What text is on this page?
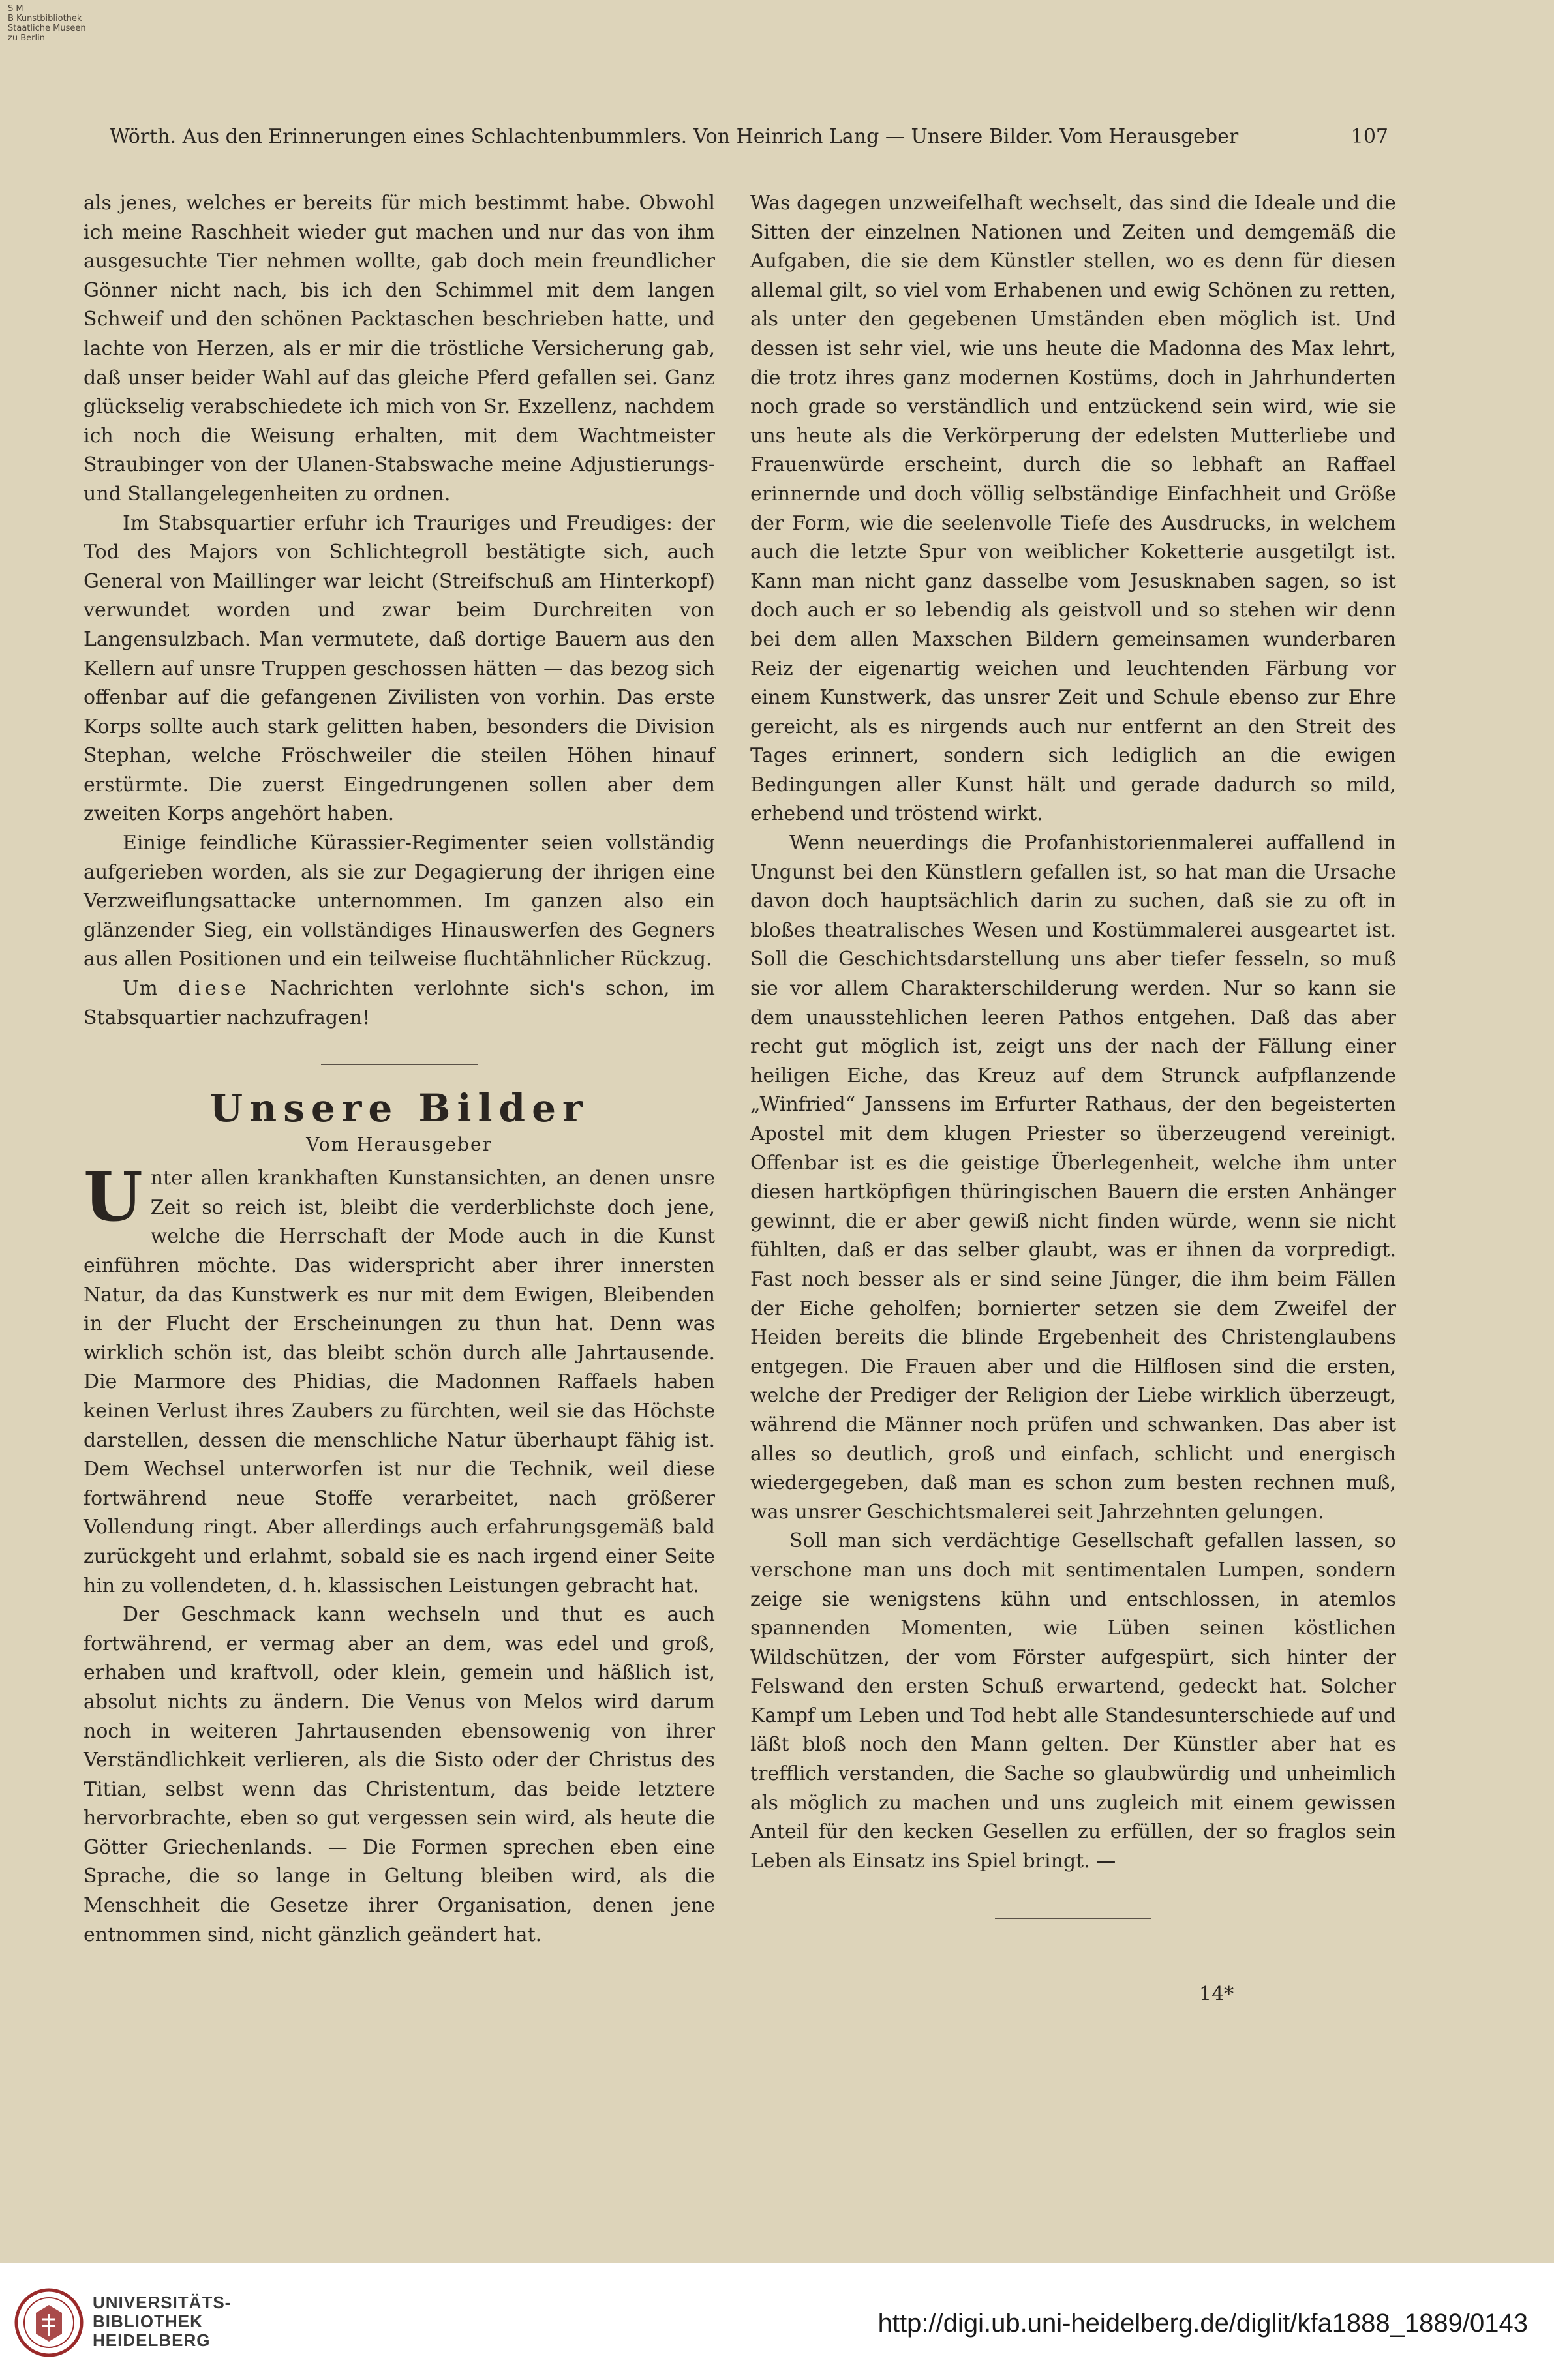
S M
B Kunstbibliothek
Staatliche Museen
zu Berlin
Wörth. Aus den Erinnerungen eines Schlachtenbummlers. Von Heinrich Lang— Unsere Bilder. Vom Herausgeber	107

als jenes, welches er bereits für mich bestimmt habe. Obwohl ich meine Raschheit wieder gut machen und nur das von ihm ausgesuchte Tier nehmen wollte, gab doch mein freundlicher Gönner nicht nach, bis ich den Schimmel mit dem langen Schweif und den schönen Packtaschen beschrieben hatte, und lachte von Herzen, als er mir die tröstliche Versicherung gab, daß unser beider Wahl auf das gleiche Pferd gefallen sei. Ganz glückselig verabschiedete ich mich von Sr. Exzellenz, nachdem ich noch die Weisung erhalten, mit dem Wachtmeister Straubinger von der Ulanen-Stabswache meine Adjustierungs- und Stallangelegenheiten zu ordnen.

Im Stabsquartier erfuhr ich Trauriges und Freudiges: der Tod des Majors von Schlichtegroll bestätigte sich, auch General von Maillinger war leicht (Streifschuß am Hinterkopf) verwundet worden und zwar beim Durchreiten von Langensulzbach. Man vermutete, daß dortige Bauern aus den Kellern auf unsre Truppen geschossen hätten — das bezog sich offenbar auf die gefangenen Zivilisten von vorhin. Das erste Korps sollte auch stark gelitten haben, besonders die Division Stephan, welche Fröschweiler die steilen Höhen hinauf erstürmte. Die zuerst Eingedrungenen sollen aber dem zweiten Korps angehört haben.

Einige feindliche Kürassier-Regimenter seien vollständig aufgerieben worden, als sie zur Degagierung der ihrigen eine Verzweiflungsattacke unternommen. Im ganzen also ein glänzender Sieg, ein vollständiges Hinauswerfen des Gegners aus allen Positionen und ein teilweise fluchtähnlicher Rückzug.

Um diese Nachrichten verlohnte sich's schon, im Stabsquartier nachzufragen!

Unsere Bilder
Vom Herausgeber

Unter allen krankhaften Kunstansichten, an denen unsre Zeit so reich ist, bleibt die verderblichste doch jene, welche die Herrschaft der Mode auch in die Kunst einführen möchte. Das widerspricht aber ihrer innersten Natur, da das Kunstwerk es nur mit dem Ewigen, Bleibenden in der Flucht der Erscheinungen zu thun hat. Denn was wirklich schön ist, das bleibt schön durch alle Jahrtausende. Die Marmore des Phidias, die Madonnen Raffaels haben keinen Verlust ihres Zaubers zu fürchten, weil sie das Höchste darstellen, dessen die menschliche Natur überhaupt fähig ist. Dem Wechsel unterworfen ist nur die Technik, weil diese fortwährend neue Stoffe verarbeitet, nach größerer Vollendung ringt. Aber allerdings auch erfahrungsgemäß bald zurückgeht und erlahmt, sobald sie es nach irgend einer Seite hin zu vollendeten, d. h. klassischen Leistungen gebracht hat.

Der Geschmack kann wechseln und thut es auch fortwährend, er vermag aber an dem, was edel und groß, erhaben und kraftvoll, oder klein, gemein und häßlich ist, absolut nichts zu ändern. Die Venus von Melos wird darum noch in weiteren Jahrtausenden ebensowenig von ihrer Verständlichkeit verlieren, als die Sisto oder der Christus des Titian, selbst wenn das Christentum, das beide letztere hervorbrachte, eben so gut vergessen sein wird, als heute die Götter Griechenlands. — Die Formen sprechen eben eine Sprache, die so lange in Geltung bleiben wird, als die Menschheit die Gesetze ihrer Organisation, denen jene entnommen sind, nicht gänzlich geändert hat.

Was dagegen unzweifelhaft wechselt, das sind die Ideale und die Sitten der einzelnen Nationen und Zeiten und demgemäß die Aufgaben, die sie dem Künstler stellen, wo es denn für diesen allemal gilt, so viel vom Erhabenen und ewig Schönen zu retten, als unter den gegebenen Umständen eben möglich ist. Und dessen ist sehr viel, wie uns heute die Madonna des Max lehrt, die trotz ihres ganz modernen Kostüms, doch in Jahrhunderten noch grade so verständlich und entzückend sein wird, wie sie uns heute als die Verkörperung der edelsten Mutterliebe und Frauenwürde erscheint, durch die so lebhaft an Raffael erinnernde und doch völlig selbständige Einfachheit und Größe der Form, wie die seelenvolle Tiefe des Ausdrucks, in welchem auch die letzte Spur von weiblicher Koketterie ausgetilgt ist. Kann man nicht ganz dasselbe vom Jesusknaben sagen, so ist doch auch er so lebendig als geistvoll und so stehen wir denn bei dem allen Maxschen Bildern gemeinsamen wunderbaren Reiz der eigenartig weichen und leuchtenden Färbung vor einem Kunstwerk, das unsrer Zeit und Schule ebenso zur Ehre gereicht, als es nirgends auch nur entfernt an den Streit des Tages erinnert, sondern sich lediglich an die ewigen Bedingungen aller Kunst hält und gerade dadurch so mild, erhebend und tröstend wirkt.

Wenn neuerdings die Profanhistorienmalerei auffallend in Ungunst bei den Künstlern gefallen ist, so hat man die Ursache davon doch hauptsächlich darin zu suchen, daß sie zu oft in bloßes theatralisches Wesen und Kostümmalerei ausgeartet ist. Soll die Geschichtsdarstellung uns aber tiefer fesseln, so muß sie vor allem Charakterschilderung werden. Nur so kann sie dem unausstehlichen leeren Pathos entgehen. Daß das aber recht gut möglich ist, zeigt uns der nach der Fällung einer heiligen Eiche, das Kreuz auf dem Strunck aufpflanzende „Winfried“ Janssens im Erfurter Rathaus, der den begeisterten Apostel mit dem klugen Priester so überzeugend vereinigt. Offenbar ist es die geistige Überlegenheit, welche ihm unter diesen hartköpfigen thüringischen Bauern die ersten Anhänger gewinnt, die er aber gewiß nicht finden würde, wenn sie nicht fühlten, daß er das selber glaubt, was er ihnen da vorpredigt. Fast noch besser als er sind seine Jünger, die ihm beim Fällen der Eiche geholfen; bornierter setzen sie dem Zweifel der Heiden bereits die blinde Ergebenheit des Christenglaubens entgegen. Die Frauen aber und die Hilflosen sind die ersten, welche der Prediger der Religion der Liebe wirklich überzeugt, während die Männer noch prüfen und schwanken. Das aber ist alles so deutlich, groß und einfach, schlicht und energisch wiedergegeben, daß man es schon zum besten rechnen muß, was unsrer Geschichtsmalerei seit Jahrzehnten gelungen.

Soll man sich verdächtige Gesellschaft gefallen lassen, so verschone man uns doch mit sentimentalen Lumpen, sondern zeige sie wenigstens kühn und entschlossen, in atemlos spannenden Momenten, wie Lüben seinen köstlichen Wildschützen, der vom Förster aufgespürt, sich hinter der Felswand den ersten Schuß erwartend, gedeckt hat. Solcher Kampf um Leben und Tod hebt alle Standesunterschiede auf und läßt bloß noch den Mann gelten. Der Künstler aber hat es trefflich verstanden, die Sache so glaubwürdig und unheimlich als möglich zu machen und uns zugleich mit einem gewissen Anteil für den kecken Gesellen zu erfüllen, der so fraglos sein Leben als Einsatz ins Spiel bringt. —

14*
UNIVERSITÄTS-
BIBLIOTHEK
HEIDELBERG
http://digi.ub.uni-heidelberg.de/diglit/kfa1888_1889/0143
